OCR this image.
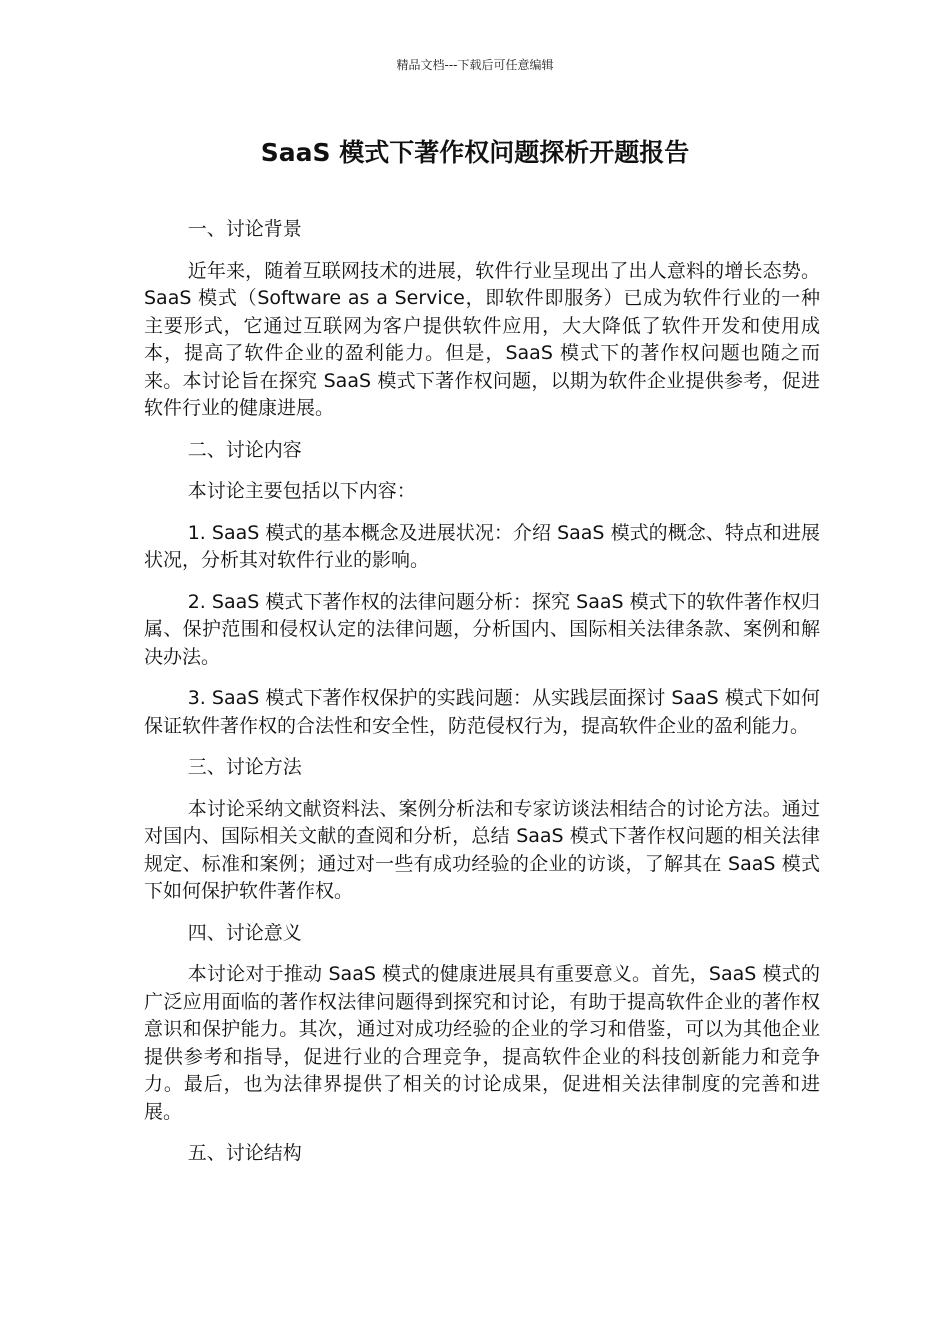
精品文档---下载后可任意编辑
SaaS 模式下著作权问题探析开题报告
一、讨论背景

近年来，随着互联网技术的进展，软件行业呈现出了出人意料的增长态势。SaaS 模式（Software as a Service，即软件即服务）已成为软件行业的一种主要形式，它通过互联网为客户提供软件应用，大大降低了软件开发和使用成本，提高了软件企业的盈利能力。但是，SaaS 模式下的著作权问题也随之而来。本讨论旨在探究 SaaS 模式下著作权问题，以期为软件企业提供参考，促进软件行业的健康进展。

二、讨论内容

本讨论主要包括以下内容：

1. SaaS 模式的基本概念及进展状况：介绍 SaaS 模式的概念、特点和进展状况，分析其对软件行业的影响。

2. SaaS 模式下著作权的法律问题分析：探究 SaaS 模式下的软件著作权归属、保护范围和侵权认定的法律问题，分析国内、国际相关法律条款、案例和解决办法。

3. SaaS 模式下著作权保护的实践问题：从实践层面探讨 SaaS 模式下如何保证软件著作权的合法性和安全性，防范侵权行为，提高软件企业的盈利能力。

三、讨论方法

本讨论采纳文献资料法、案例分析法和专家访谈法相结合的讨论方法。通过对国内、国际相关文献的查阅和分析，总结 SaaS 模式下著作权问题的相关法律规定、标准和案例；通过对一些有成功经验的企业的访谈，了解其在 SaaS 模式下如何保护软件著作权。

四、讨论意义

本讨论对于推动 SaaS 模式的健康进展具有重要意义。首先，SaaS 模式的广泛应用面临的著作权法律问题得到探究和讨论，有助于提高软件企业的著作权意识和保护能力。其次，通过对成功经验的企业的学习和借鉴，可以为其他企业提供参考和指导，促进行业的合理竞争，提高软件企业的科技创新能力和竞争力。最后，也为法律界提供了相关的讨论成果，促进相关法律制度的完善和进展。

五、讨论结构
